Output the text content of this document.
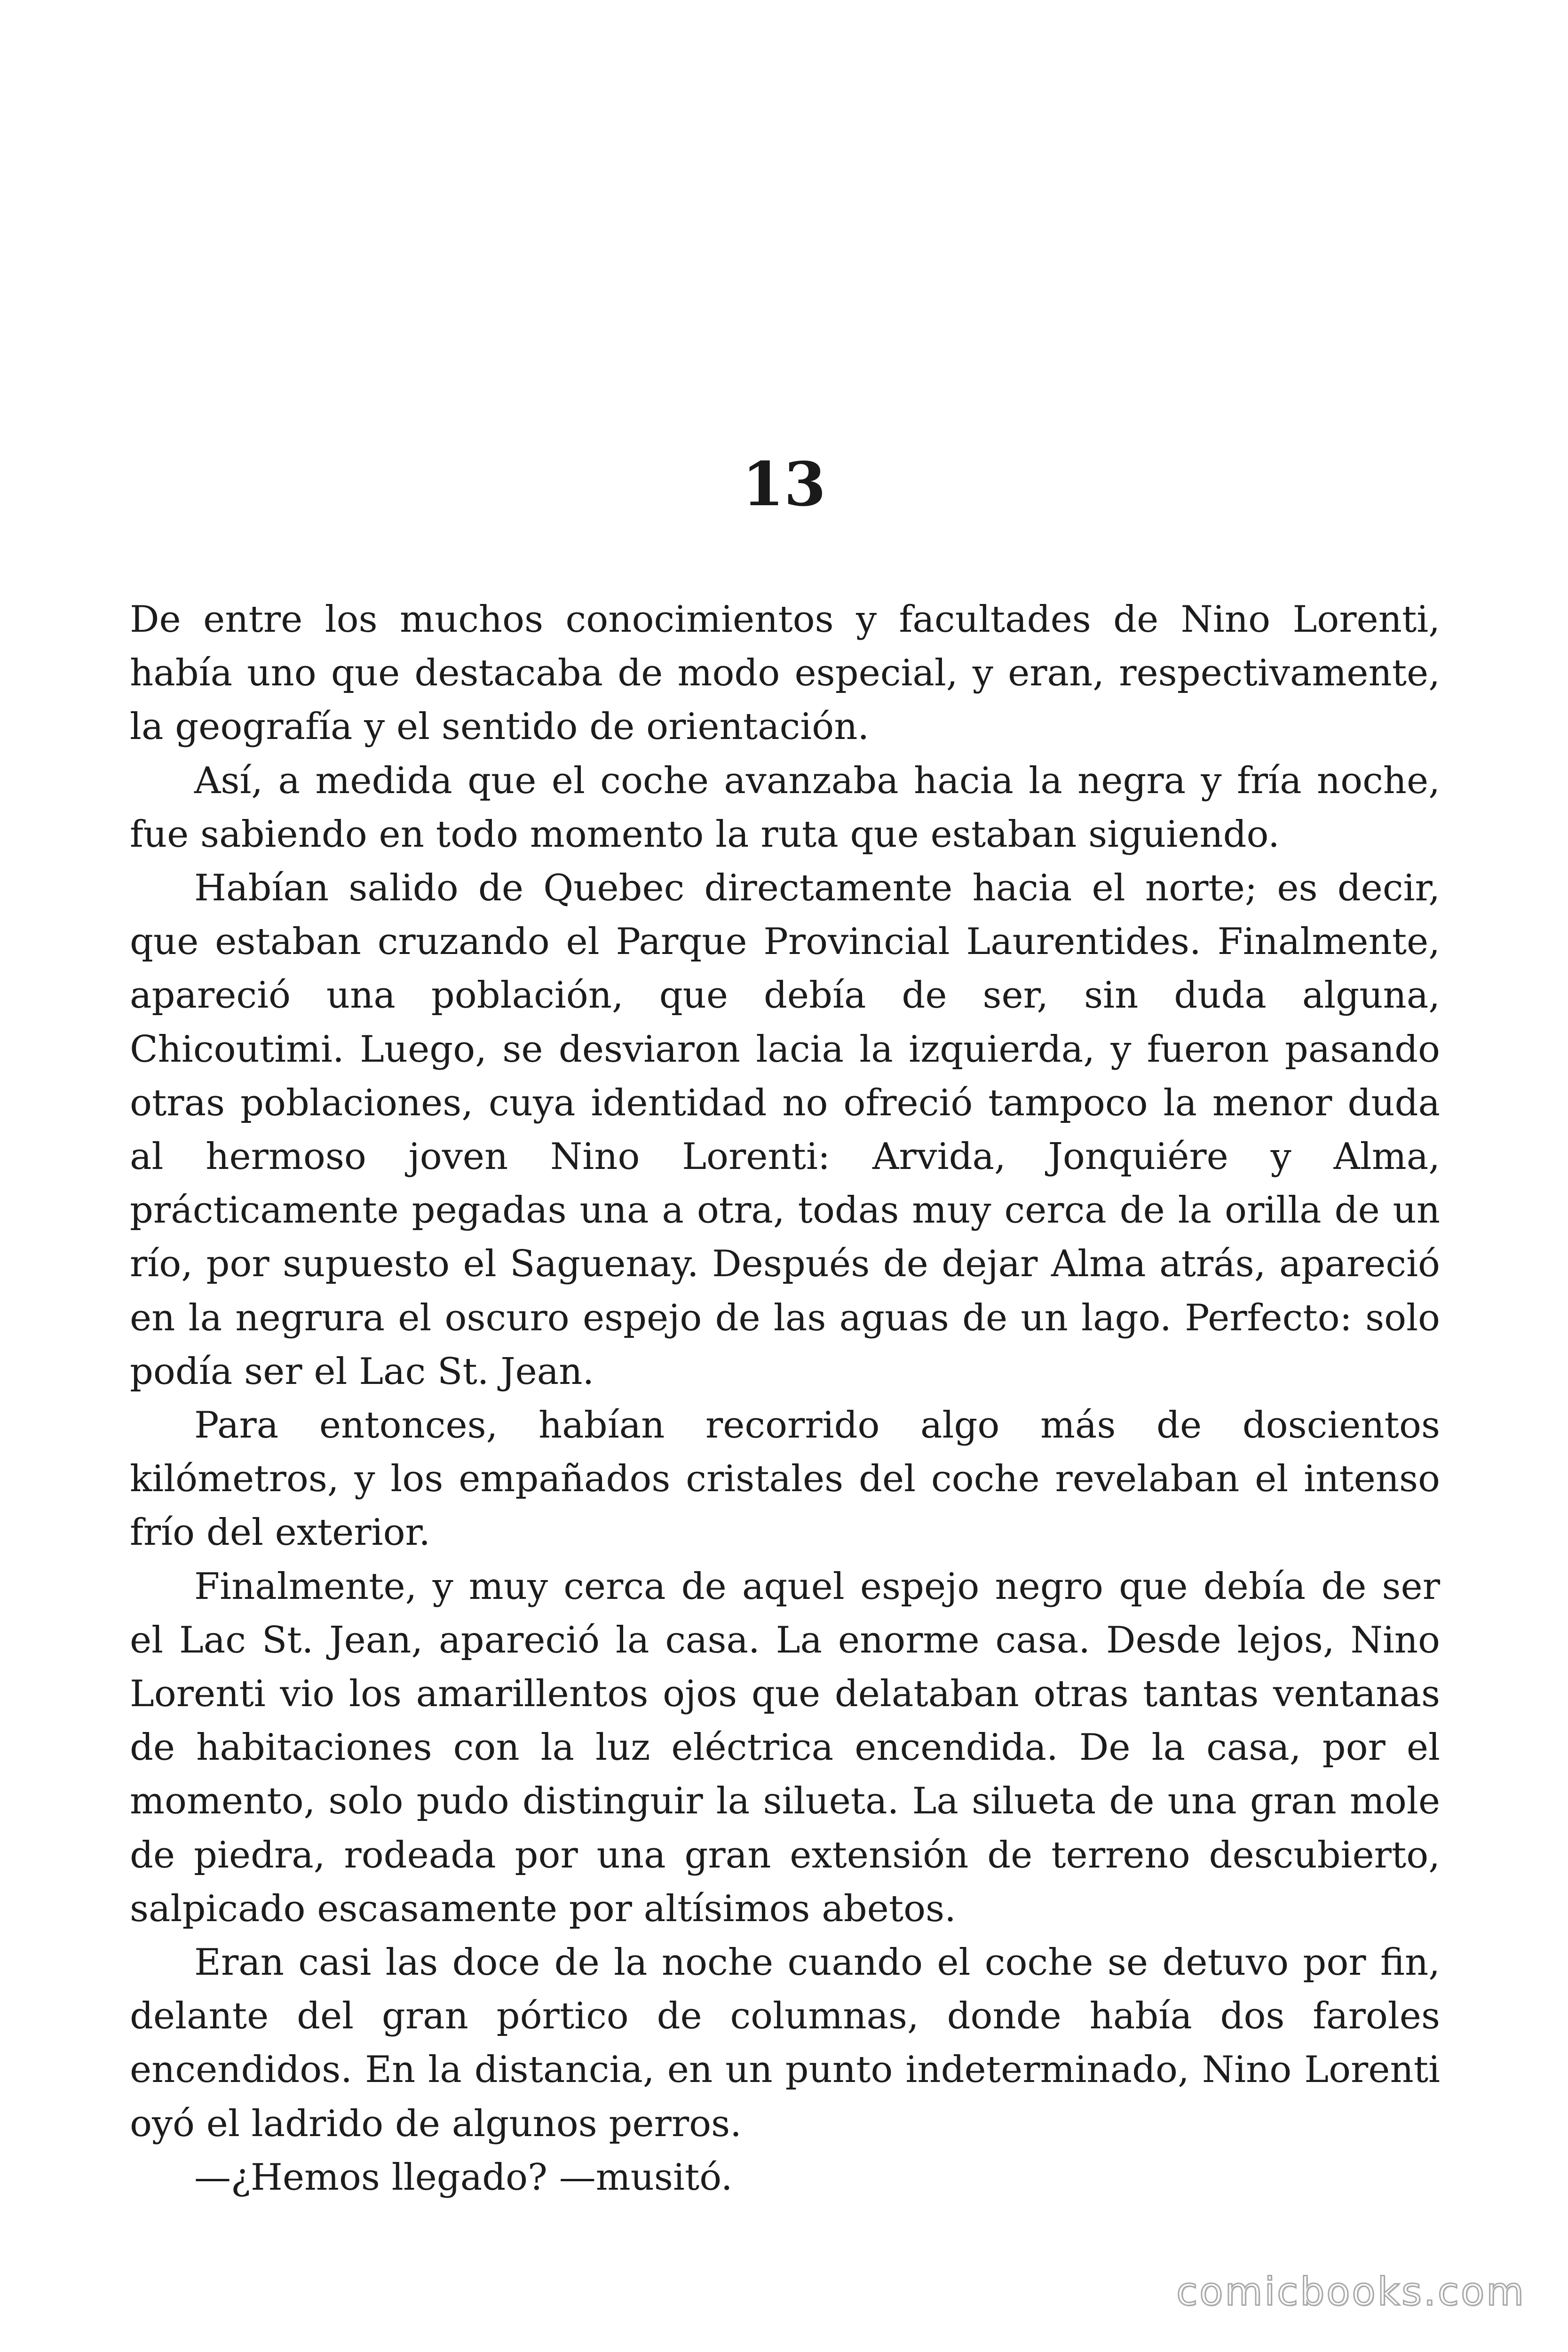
13

De entre los muchos conocimientos y facultades de Nino Lorenti, había uno que destacaba de modo especial, y eran, respectivamente, la geografía y el sentido de orientación.

Así, a medida que el coche avanzaba hacia la negra y fría noche, fue sabiendo en todo momento la ruta que estaban siguiendo.

Habían salido de Quebec directamente hacia el norte; es decir, que estaban cruzando el Parque Provincial Laurentides. Finalmente, apareció una población, que debía de ser, sin duda alguna, Chicoutimi. Luego, se desviaron lacia la izquierda, y fueron pasando otras poblaciones, cuya identidad no ofreció tampoco la menor duda al hermoso joven Nino Lorenti: Arvida, Jonquiére y Alma, prácticamente pegadas una a otra, todas muy cerca de la orilla de un río, por supuesto el Saguenay. Después de dejar Alma atrás, apareció en la negrura el oscuro espejo de las aguas de un lago. Perfecto: solo podía ser el Lac St. Jean.

Para entonces, habían recorrido algo más de doscientos kilómetros, y los empañados cristales del coche revelaban el intenso frío del exterior.

Finalmente, y muy cerca de aquel espejo negro que debía de ser el Lac St. Jean, apareció la casa. La enorme casa. Desde lejos, Nino Lorenti vio los amarillentos ojos que delataban otras tantas ventanas de habitaciones con la luz eléctrica encendida. De la casa, por el momento, solo pudo distinguir la silueta. La silueta de una gran mole de piedra, rodeada por una gran extensión de terreno descubierto, salpicado escasamente por altísimos abetos.

Eran casi las doce de la noche cuando el coche se detuvo por fin, delante del gran pórtico de columnas, donde había dos faroles encendidos. En la distancia, en un punto indeterminado, Nino Lorenti oyó el ladrido de algunos perros.

—¿Hemos llegado? —musitó.

comicbooks.com
